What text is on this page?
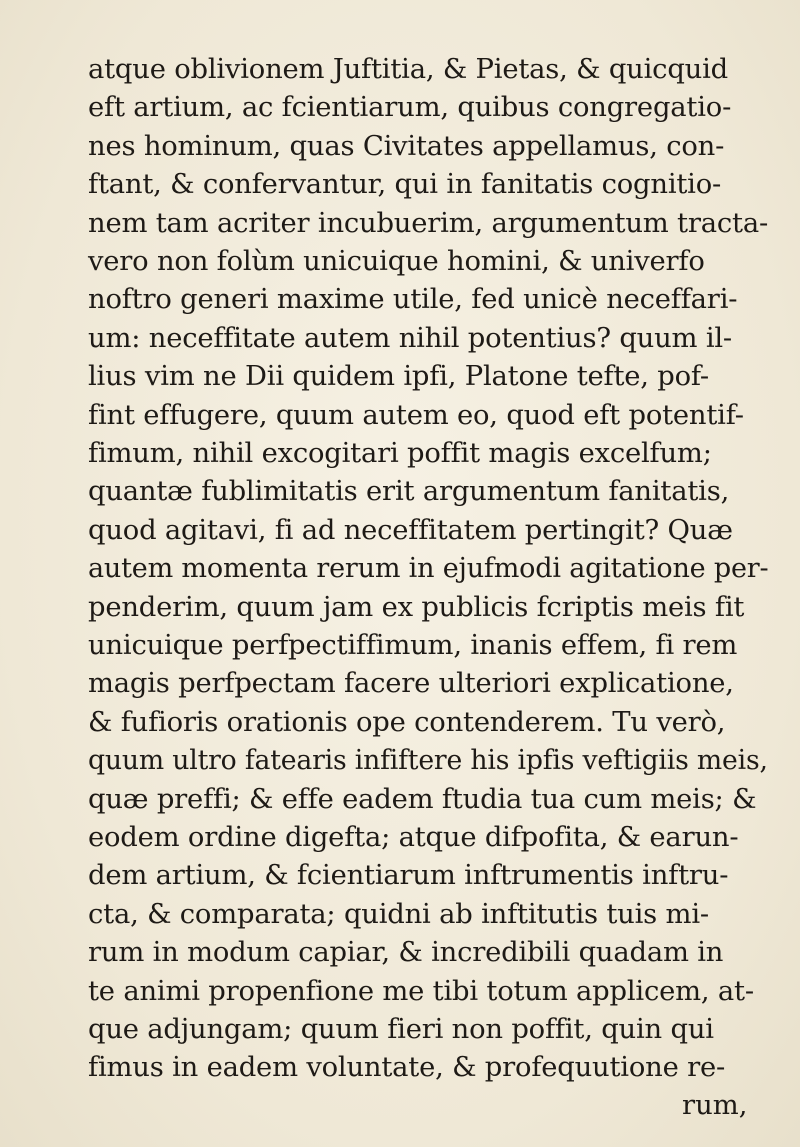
atque oblivionem Juftitia, & Pietas, & quicquid
eft artium, ac fcientiarum, quibus congregatio-
nes hominum, quas Civitates appellamus, con-
ftant, & confervantur, qui in fanitatis cognitio-
nem tam acriter incubuerim, argumentum tracta-
vero non folùm unicuique homini, & univerfo
noftro generi maxime utile, fed unicè neceffari-
um: neceffitate autem nihil potentius? quum il-
lius vim ne Dii quidem ipfi, Platone tefte, pof-
fint effugere, quum autem eo, quod eft potentif-
fimum, nihil excogitari poffit magis excelfum;
quantæ fublimitatis erit argumentum fanitatis,
quod agitavi, fi ad neceffitatem pertingit? Quæ
autem momenta rerum in ejufmodi agitatione per-
penderim, quum jam ex publicis fcriptis meis fit
unicuique perfpectiffimum, inanis effem, fi rem
magis perfpectam facere ulteriori explicatione,
& fufioris orationis ope contenderem. Tu verò,
quum ultro fatearis infiftere his ipfis veftigiis meis,
quæ preffi; & effe eadem ftudia tua cum meis; &
eodem ordine digefta; atque difpofita, & earun-
dem artium, & fcientiarum inftrumentis inftru-
cta, & comparata; quidni ab inftitutis tuis mi-
rum in modum capiar, & incredibili quadam in
te animi propenfione me tibi totum applicem, at-
que adjungam; quum fieri non poffit, quin qui
fimus in eadem voluntate, & profequutione re-
rum,
